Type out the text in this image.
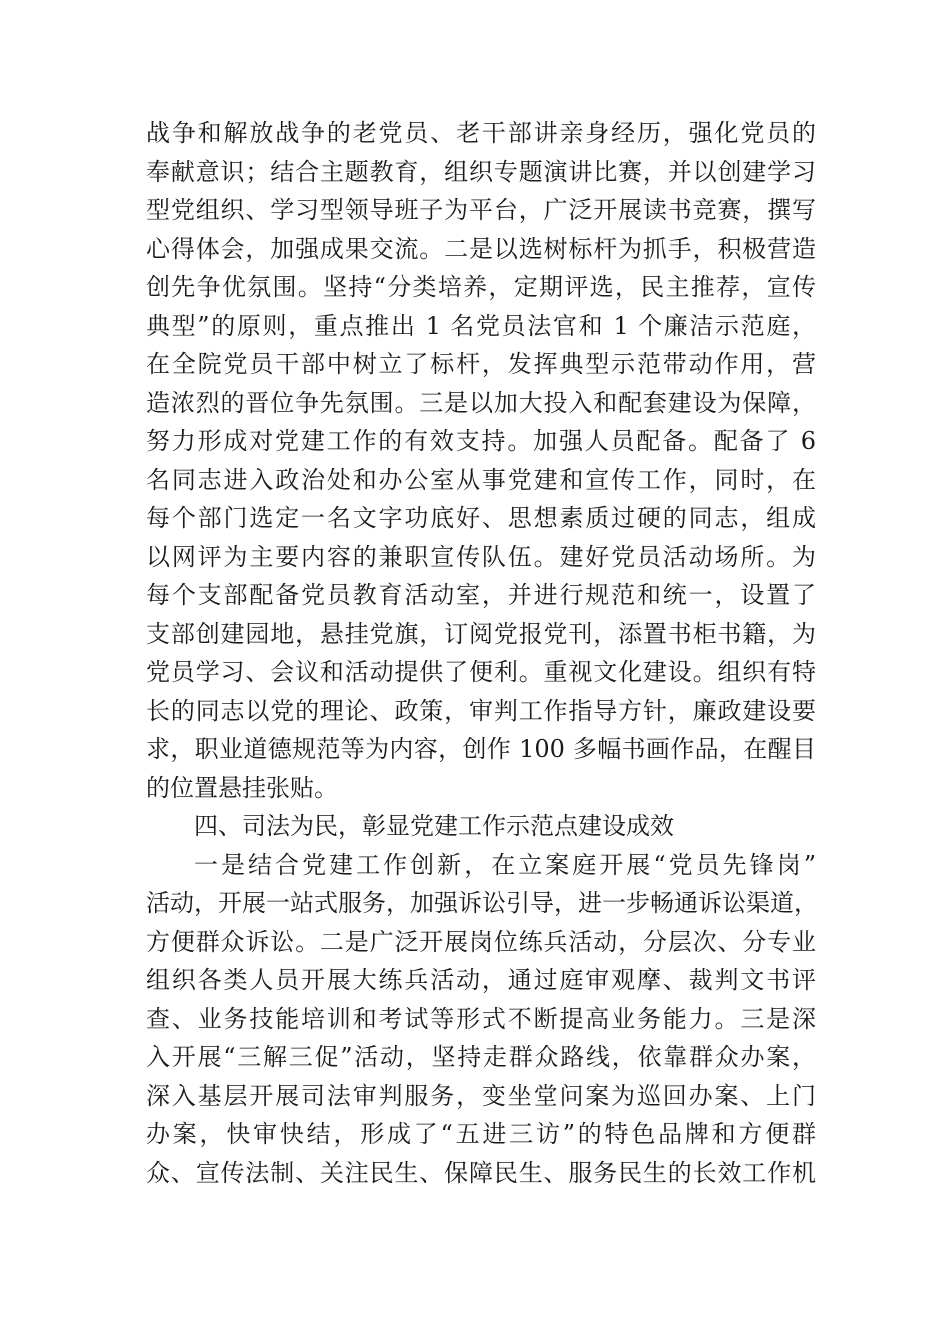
战争和解放战争的老党员、老干部讲亲身经历，强化党员的
奉献意识；结合主题教育，组织专题演讲比赛，并以创建学习
型党组织、学习型领导班子为平台，广泛开展读书竞赛，撰写
心得体会，加强成果交流。二是以选树标杆为抓手，积极营造
创先争优氛围。坚持“分类培养，定期评选，民主推荐，宣传
典型”的原则，重点推出 1 名党员法官和 1 个廉洁示范庭，
在全院党员干部中树立了标杆，发挥典型示范带动作用，营
造浓烈的晋位争先氛围。三是以加大投入和配套建设为保障，
努力形成对党建工作的有效支持。加强人员配备。配备了 6
名同志进入政治处和办公室从事党建和宣传工作，同时，在
每个部门选定一名文字功底好、思想素质过硬的同志，组成
以网评为主要内容的兼职宣传队伍。建好党员活动场所。为
每个支部配备党员教育活动室，并进行规范和统一，设置了
支部创建园地，悬挂党旗，订阅党报党刊，添置书柜书籍，为
党员学习、会议和活动提供了便利。重视文化建设。组织有特
长的同志以党的理论、政策，审判工作指导方针，廉政建设要
求，职业道德规范等为内容，创作 100 多幅书画作品，在醒目
的位置悬挂张贴。
四、司法为民，彰显党建工作示范点建设成效
一是结合党建工作创新，在立案庭开展“党员先锋岗”
活动，开展一站式服务，加强诉讼引导，进一步畅通诉讼渠道，
方便群众诉讼。二是广泛开展岗位练兵活动，分层次、分专业
组织各类人员开展大练兵活动，通过庭审观摩、裁判文书评
查、业务技能培训和考试等形式不断提高业务能力。三是深
入开展“三解三促”活动，坚持走群众路线，依靠群众办案，
深入基层开展司法审判服务，变坐堂问案为巡回办案、上门
办案，快审快结，形成了“五进三访”的特色品牌和方便群
众、宣传法制、关注民生、保障民生、服务民生的长效工作机
